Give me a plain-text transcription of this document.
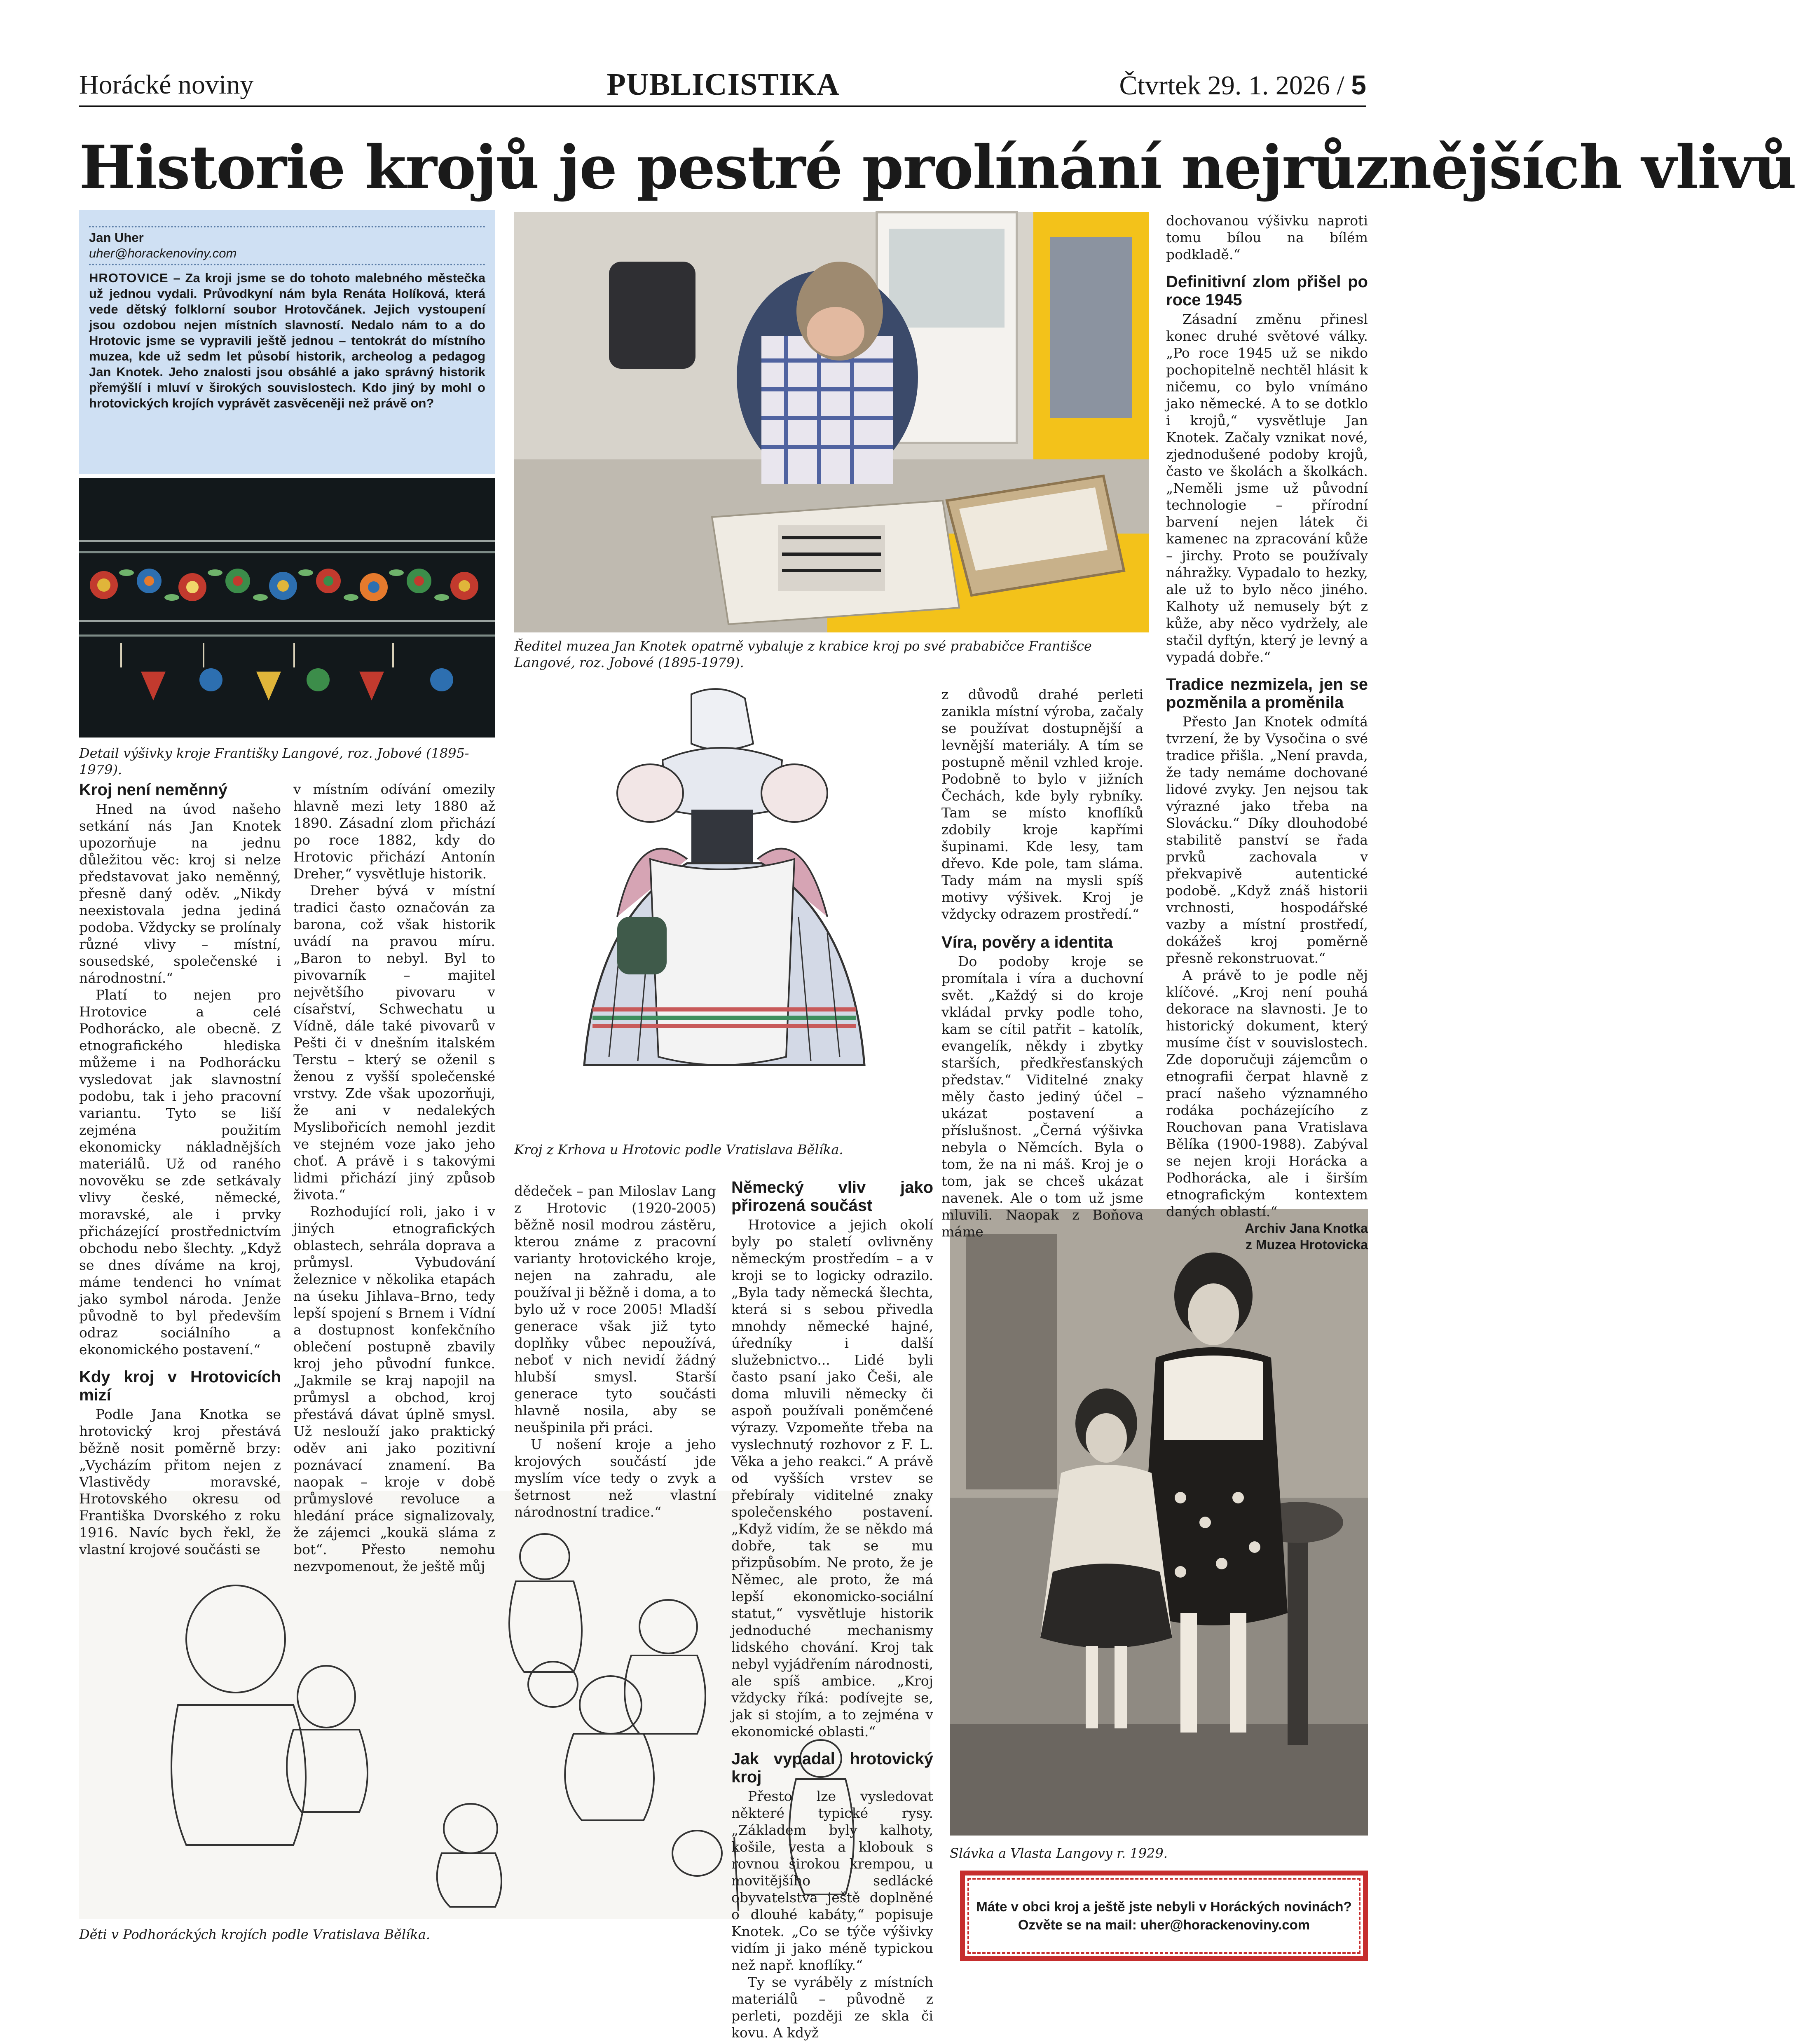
Horácké noviny	PUBLICISTIKA	Čtvrtek 29. 1. 2026 / 5
Historie krojů je pestré prolínání nejrůznějších vlivů
Jan Uher
uher@horackenoviny.com
HROTOVICE – Za kroji jsme se do tohoto malebného městečka už jednou vydali. Průvodkyní nám byla Renáta Holíková, která vede dětský folklorní soubor Hrotovčánek. Jejich vystoupení jsou ozdobou nejen místních slavností. Nedalo nám to a do Hrotovic jsme se vypravili ještě jednou – tentokrát do místního muzea, kde už sedm let působí historik, archeolog a pedagog Jan Knotek. Jeho znalosti jsou obsáhlé a jako správný historik přemýšlí i mluví v širokých souvislostech. Kdo jiný by mohl o hrotovických krojích vyprávět zasvěceněji než právě on?
Detail výšivky kroje Františky Langové, roz. Jobové (1895-1979).
Ředitel muzea Jan Knotek opatrně vybaluje z krabice kroj po své prababičce Františce Langové, roz. Jobové (1895-1979).
Kroj z Krhova u Hrotovic podle Vratislava Bělíka.
Děti v Podhoráckých krojích podle Vratislava Bělíka.
Slávka a Vlasta Langovy r. 1929.
Kroj není neměnný

Hned na úvod našeho setkání nás Jan Knotek upozorňuje na jednu důležitou věc: kroj si nelze představovat jako neměnný, přesně daný oděv. „Nikdy neexistovala jedna jediná podoba. Vždycky se prolínaly různé vlivy – místní, sousedské, společenské i národnostní.“

Platí to nejen pro Hrotovice a celé Podhorácko, ale obecně. Z etnografického hlediska můžeme i na Podhorácku vysledovat jak slavnostní podobu, tak i jeho pracovní variantu. Tyto se liší zejména použitím ekonomicky nákladnějších materiálů. Už od raného novověku se zde setkávaly vlivy české, německé, moravské, ale i prvky přicházející prostřednictvím obchodu nebo šlechty. „Když se dnes díváme na kroj, máme tendenci ho vnímat jako symbol národa. Jenže původně to byl především odraz sociálního a ekonomického postavení.“

Kdy kroj v Hrotovicích mizí

Podle Jana Knotka se hrotovický kroj přestává běžně nosit poměrně brzy: „Vycházím přitom nejen z Vlastivědy moravské, Hrotovského okresu od Františka Dvorského z roku 1916. Navíc bych řekl, že vlastní krojové součásti se

v místním odívání omezily hlavně mezi lety 1880 až 1890. Zásadní zlom přichází po roce 1882, kdy do Hrotovic přichází Antonín Dreher,“ vysvětluje historik.

Dreher bývá v místní tradici často označován za barona, což však historik uvádí na pravou míru. „Baron to nebyl. Byl to pivovarník – majitel největšího pivovaru v císařství, Schwechatu u Vídně, dále také pivovarů v Pešti či v dnešním italském Terstu – který se oženil s ženou z vyšší společenské vrstvy. Zde však upozorňuji, že ani v nedalekých Myslibořicích nemohl jezdit ve stejném voze jako jeho choť. A právě i s takovými lidmi přichází jiný způsob života.“

Rozhodující roli, jako i v jiných etnografických oblastech, sehrála doprava a průmysl. Vybudování železnice v několika etapách na úseku Jihlava–Brno, tedy lepší spojení s Brnem i Vídní a dostupnost konfekčního oblečení postupně zbavily kroj jeho původní funkce. „Jakmile se kraj napojil na průmysl a obchod, kroj přestává dávat úplně smysl. Už neslouží jako praktický oděv ani jako pozitivní poznávací znamení. Ba naopak – kroje v době průmyslové revoluce a hledání práce signalizovaly, že zájemci „koukä sláma z bot“. Přesto nemohu nezvpomenout, že ještě můj

dědeček – pan Miloslav Lang z Hrotovic (1920-2005) běžně nosil modrou zástěru, kterou známe z pracovní varianty hrotovického kroje, nejen na zahradu, ale používal ji běžně i doma, a to bylo už v roce 2005! Mladší generace však již tyto doplňky vůbec nepoužívá, neboť v nich nevidí žádný hlubší smysl. Starší generace tyto součásti hlavně nosila, aby se neušpinila při práci.

U nošení kroje a jeho krojových součástí jde myslím více tedy o zvyk a šetrnost než vlastní národnostní tradice.“

z důvodů drahé perleti zanikla místní výroba, začaly se používat dostupnější a levnější materiály. A tím se postupně měnil vzhled kroje. Podobně to bylo v jižních Čechách, kde byly rybníky. Tam se místo knoflíků zdobily kroje kapřími šupinami. Kde lesy, tam dřevo. Kde pole, tam sláma. Tady mám na mysli spíš motivy výšivek. Kroj je vždycky odrazem prostředí.“

Víra, pověry a identita

Do podoby kroje se promítala i víra a duchovní svět. „Každý si do kroje vkládal prvky podle toho, kam se cítil patřit – katolík, evangelík, někdy i zbytky starších, předkřesťanských představ.“ Viditelné znaky měly často jediný účel – ukázat postavení a příslušnost. „Černá výšivka nebyla o Němcích. Byla o tom, že na ni máš. Kroj je o tom, jak se chceš ukázat navenek. Ale o tom už jsme mluvili. Naopak z Boňova máme

Německý vliv jako přirozená součást

Hrotovice a jejich okolí byly po staletí ovlivněny německým prostředím – a v kroji se to logicky odrazilo. „Byla tady německá šlechta, která si s sebou přivedla mnohdy německé hajné, úředníky i další služebnictvo... Lidé byli často psaní jako Češi, ale doma mluvili německy či aspoň používali poněmčené výrazy. Vzpomeňte třeba na vyslechnutý rozhovor z F. L. Věka a jeho reakci.“ A právě od vyšších vrstev se přebíraly viditelné znaky společenského postavení. „Když vidím, že se někdo má dobře, tak se mu přizpůsobím. Ne proto, že je Němec, ale proto, že má lepší ekonomicko-sociální statut,“ vysvětluje historik jednoduché mechanismy lidského chování. Kroj tak nebyl vyjádřením národnosti, ale spíš ambice. „Kroj vždycky říká: podívejte se, jak si stojím, a to zejména v ekonomické oblasti.“

Jak vypadal hrotovický kroj

Přesto lze vysledovat některé typické rysy. „Základem byly kalhoty, košile, vesta a klobouk s rovnou širokou krempou, u movitějšího sedlácké obyvatelstva ještě doplněné o dlouhé kabáty,“ popisuje Knotek. „Co se týče výšivky vidím ji jako méně typickou než např. knoflíky.“

Ty se vyráběly z místních materiálů – původně z perleti, později ze skla či kovu. A když

dochovanou výšivku naproti tomu bílou na bílém podkladě.“

Definitivní zlom přišel po roce 1945

Zásadní změnu přinesl konec druhé světové války. „Po roce 1945 už se nikdo pochopitelně nechtěl hlásit k ničemu, co bylo vnímáno jako německé. A to se dotklo i krojů,“ vysvětluje Jan Knotek. Začaly vznikat nové, zjednodušené podoby krojů, často ve školách a školkách. „Neměli jsme už původní technologie – přírodní barvení nejen látek či kamenec na zpracování kůže – jirchy. Proto se používaly náhražky. Vypadalo to hezky, ale už to bylo něco jiného. Kalhoty už nemusely být z kůže, aby něco vydržely, ale stačil dyftýn, který je levný a vypadá dobře.“

Tradice nezmizela, jen se pozměnila a proměnila

Přesto Jan Knotek odmítá tvrzení, že by Vysočina o své tradice přišla. „Není pravda, že tady nemáme dochované lidové zvyky. Jen nejsou tak výrazné jako třeba na Slovácku.“ Díky dlouhodobé stabilitě panství se řada prvků zachovala v překvapivě autentické podobě. „Když znáš historii vrchnosti, hospodářské vazby a místní prostředí, dokážeš kroj poměrně přesně rekonstruovat.“

A právě to je podle něj klíčové. „Kroj není pouhá dekorace na slavnosti. Je to historický dokument, který musíme číst v souvislostech. Zde doporučuji zájemcům o etnografii čerpat hlavně z prací našeho významného rodáka pocházejícího z Rouchovan pana Vratislava Bělíka (1900-1988). Zabýval se nejen kroji Horácka a Podhorácka, ale i širším etnografickým kontextem daných oblastí.“

Archiv Jana Knotka
z Muzea Hrotovicka
Máte v obci kroj a ještě jste nebyli v Horáckých novinách?
Ozvěte se na mail: uher@horackenoviny.com
